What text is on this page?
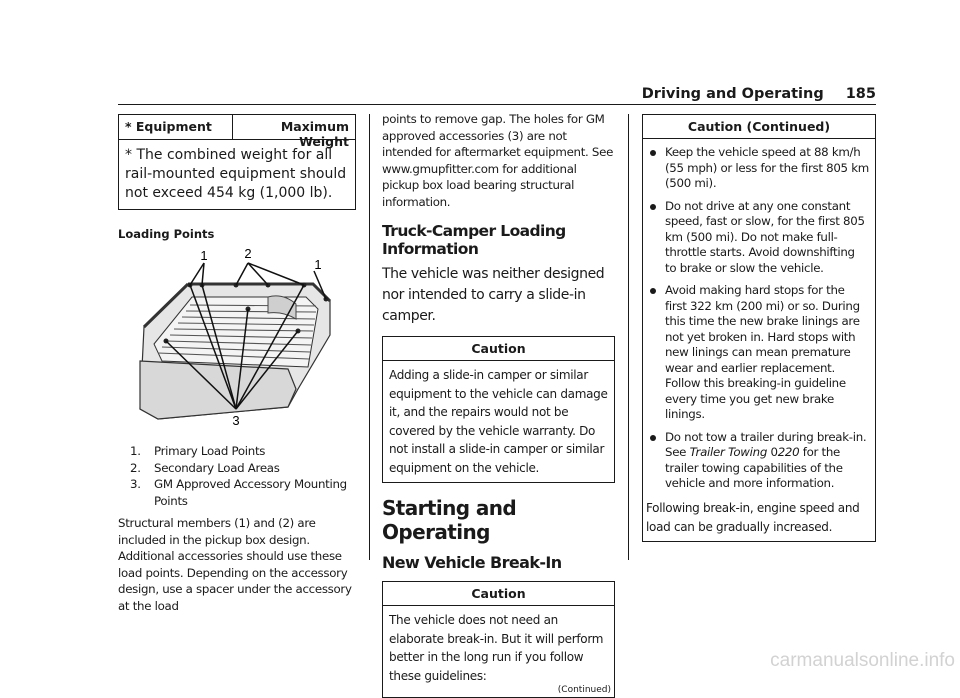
Driving and Operating 185
* Equipment	Maximum Weight
* The combined weight for all rail-mounted equipment should not exceed 454 kg (1,000 lb).
Loading Points
1	2
1
3
1.	Primary Load Points
2.	Secondary Load Areas
3.	GM Approved Accessory Mounting Points
Structural members (1) and (2) are included in the pickup box design. Additional accessories should use these load points. Depending on the accessory design, use a spacer under the accessory at the load
points to remove gap. The holes for GM approved accessories (3) are not intended for aftermarket equipment. See www.gmupfitter.com for additional pickup box load bearing structural information.
Truck-Camper Loading Information
The vehicle was neither designed nor intended to carry a slide-in camper.
Caution
Adding a slide-in camper or similar equipment to the vehicle can damage it, and the repairs would not be covered by the vehicle warranty. Do not install a slide-in camper or similar equipment on the vehicle.
Starting and Operating
New Vehicle Break-In
Caution
The vehicle does not need an elaborate break-in. But it will perform better in the long run if you follow these guidelines:
(Continued)
Caution (Continued)
Keep the vehicle speed at 88 km/h (55 mph) or less for the first 805 km (500 mi).
Do not drive at any one constant speed, fast or slow, for the first 805 km (500 mi). Do not make full-throttle starts. Avoid downshifting to brake or slow the vehicle.
Avoid making hard stops for the first 322 km (200 mi) or so. During this time the new brake linings are not yet broken in. Hard stops with new linings can mean premature wear and earlier replacement. Follow this breaking-in guideline every time you get new brake linings.
Do not tow a trailer during break-in. See Trailer Towing 0220 for the trailer towing capabilities of the vehicle and more information.
Following break-in, engine speed and load can be gradually increased.
carmanualsonline.info
